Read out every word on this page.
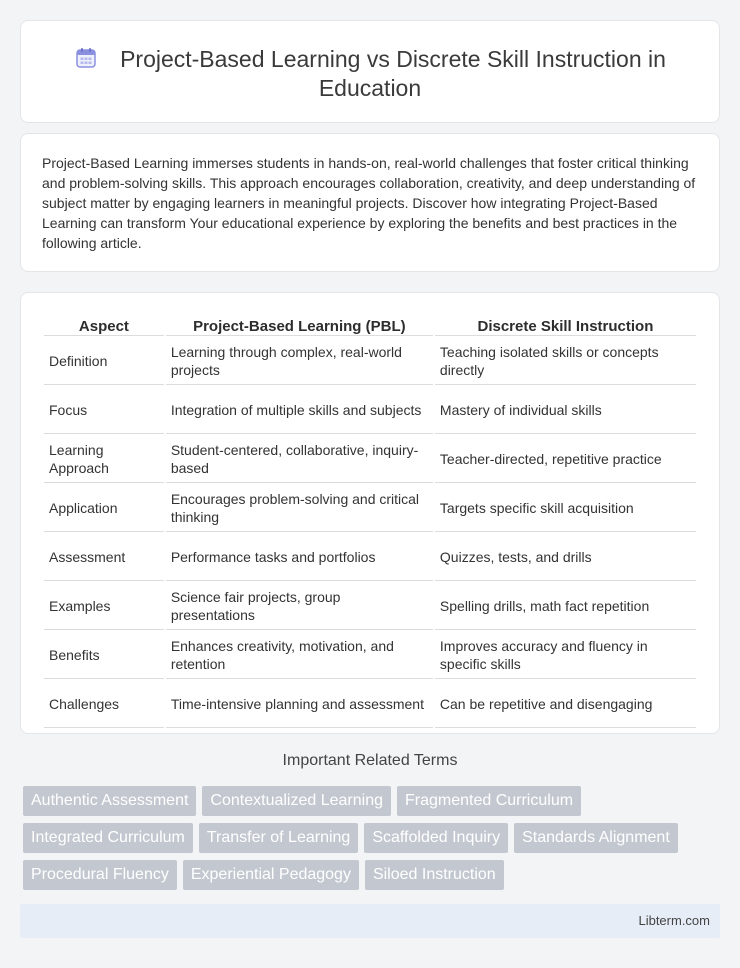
Project-Based Learning vs Discrete Skill Instruction in Education

Project-Based Learning immerses students in hands-on, real-world challenges that foster critical thinking and problem-solving skills. This approach encourages collaboration, creativity, and deep understanding of subject matter by engaging learners in meaningful projects. Discover how integrating Project-Based Learning can transform Your educational experience by exploring the benefits and best practices in the following article.

Aspect	Project-Based Learning (PBL)	Discrete Skill Instruction
Definition	Learning through complex, real-world projects	Teaching isolated skills or concepts directly
Focus	Integration of multiple skills and subjects	Mastery of individual skills
Learning Approach	Student-centered, collaborative, inquiry-based	Teacher-directed, repetitive practice
Application	Encourages problem-solving and critical thinking	Targets specific skill acquisition
Assessment	Performance tasks and portfolios	Quizzes, tests, and drills
Examples	Science fair projects, group presentations	Spelling drills, math fact repetition
Benefits	Enhances creativity, motivation, and retention	Improves accuracy and fluency in specific skills
Challenges	Time-intensive planning and assessment	Can be repetitive and disengaging
Important Related Terms
Authentic Assessment	Contextualized Learning	Fragmented Curriculum
Integrated Curriculum	Transfer of Learning	Scaffolded Inquiry	Standards Alignment
Procedural Fluency	Experiential Pedagogy	Siloed Instruction
Libterm.com
